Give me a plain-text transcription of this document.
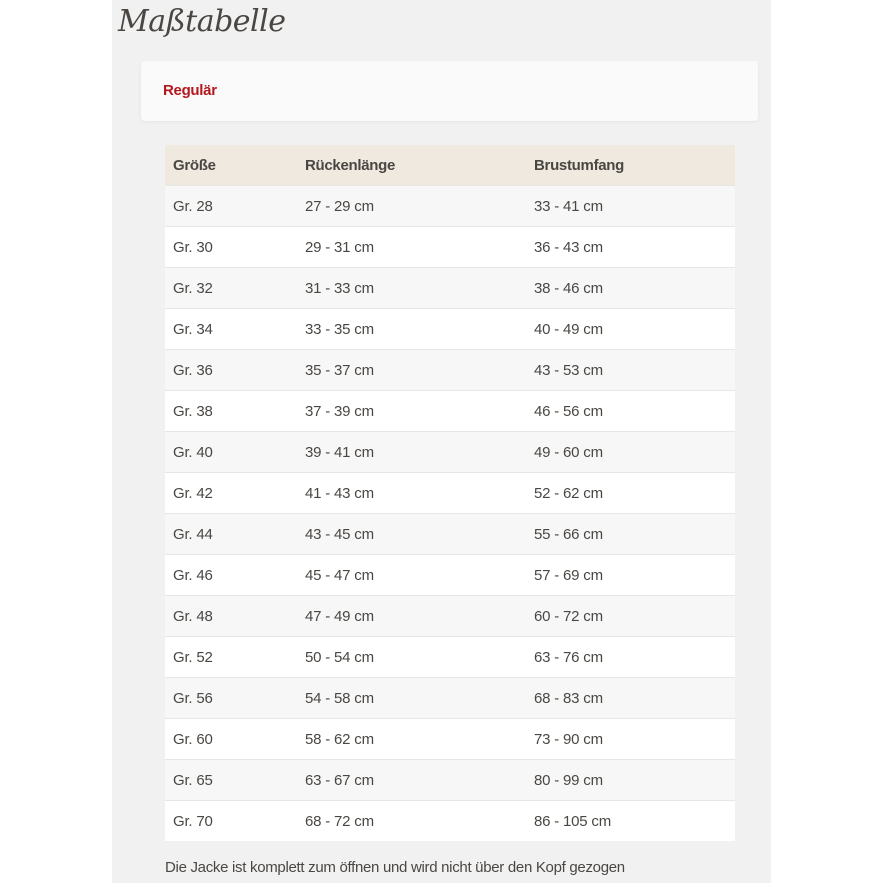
Maßtabelle
Regulär
Größe	Rückenlänge	Brustumfang
Gr. 28	27 - 29 cm	33 - 41 cm
Gr. 30	29 - 31 cm	36 - 43 cm
Gr. 32	31 - 33 cm	38 - 46 cm
Gr. 34	33 - 35 cm	40 - 49 cm
Gr. 36	35 - 37 cm	43 - 53 cm
Gr. 38	37 - 39 cm	46 - 56 cm
Gr. 40	39 - 41 cm	49 - 60 cm
Gr. 42	41 - 43 cm	52 - 62 cm
Gr. 44	43 - 45 cm	55 - 66 cm
Gr. 46	45 - 47 cm	57 - 69 cm
Gr. 48	47 - 49 cm	60 - 72 cm
Gr. 52	50 - 54 cm	63 - 76 cm
Gr. 56	54 - 58 cm	68 - 83 cm
Gr. 60	58 - 62 cm	73 - 90 cm
Gr. 65	63 - 67 cm	80 - 99 cm
Gr. 70	68 - 72 cm	86 - 105 cm
Die Jacke ist komplett zum öffnen und wird nicht über den Kopf gezogen
